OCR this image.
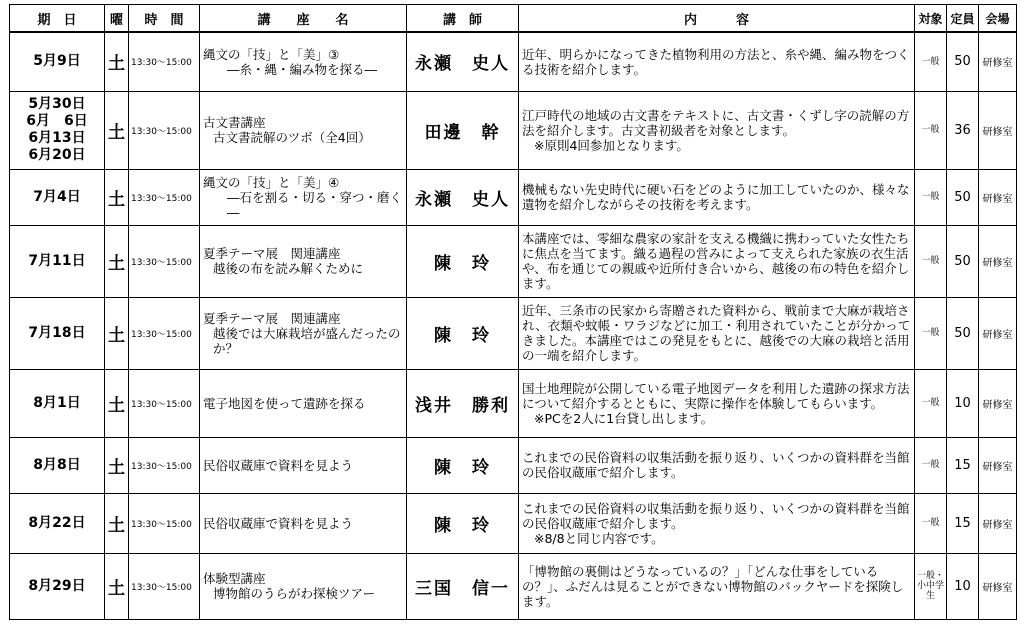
期　日	曜	時　間	講　　座　　名	講　師	内　　　容	対象	定員	会場

5月9日	土	13:30～15:00	縄文の「技」と「美」③
―糸・縄・編み物を探る―	永瀬　史人	近年、明らかになってきた植物利用の方法と、糸や縄、編み物をつくる技術を紹介します。	一般	50	研修室

5月30日
6月　6日
6月13日
6月20日	土	13:30～15:00	古文書講座
古文書読解のツボ（全4回）	田邊　幹	江戸時代の地域の古文書をテキストに、古文書・くずし字の読解の方法を紹介します。古文書初級者を対象とします。
※原則4回参加となります。	一般	36	研修室

7月4日	土	13:30～15:00	縄文の「技」と「美」④
―石を割る・切る・穿つ・磨く―	永瀬　史人	機械もない先史時代に硬い石をどのように加工していたのか、様々な遺物を紹介しながらその技術を考えます。	一般	50	研修室

7月11日	土	13:30～15:00	夏季テーマ展　関連講座
越後の布を読み解くために	陳　玲	本講座では、零細な農家の家計を支える機織に携わっていた女性たちに焦点を当てます。織る過程の営みによって支えられた家族の衣生活や、布を通じての親戚や近所付き合いから、越後の布の特色を紹介します。	一般	50	研修室

7月18日	土	13:30～15:00	夏季テーマ展　関連講座
越後では大麻栽培が盛んだったのか？	陳　玲	近年、三条市の民家から寄贈された資料から、戦前まで大麻が栽培され、衣類や蚊帳・ワラジなどに加工・利用されていたことが分かってきました。本講座ではこの発見をもとに、越後での大麻の栽培と活用の一端を紹介します。	一般	50	研修室

8月1日	土	13:30～15:00	電子地図を使って遺跡を探る	浅井　勝利	国土地理院が公開している電子地図データを利用した遺跡の探求方法について紹介するとともに、実際に操作を体験してもらいます。
※PCを2人に1台貸し出します。	一般	10	研修室

8月8日	土	13:30～15:00	民俗収蔵庫で資料を見よう	陳　玲	これまでの民俗資料の収集活動を振り返り、いくつかの資料群を当館の民俗収蔵庫で紹介します。	一般	15	研修室

8月22日	土	13:30～15:00	民俗収蔵庫で資料を見よう	陳　玲	これまでの民俗資料の収集活動を振り返り、いくつかの資料群を当館の民俗収蔵庫で紹介します。
※8/8と同じ内容です。	一般	15	研修室

8月29日	土	13:30～15:00	体験型講座
博物館のうらがわ探検ツアー	三国　信一	「博物館の裏側はどうなっているの？」「どんな仕事をしているの？」、ふだんは見ることができない博物館のバックヤードを探険します。	一般・小中学生	10	研修室
